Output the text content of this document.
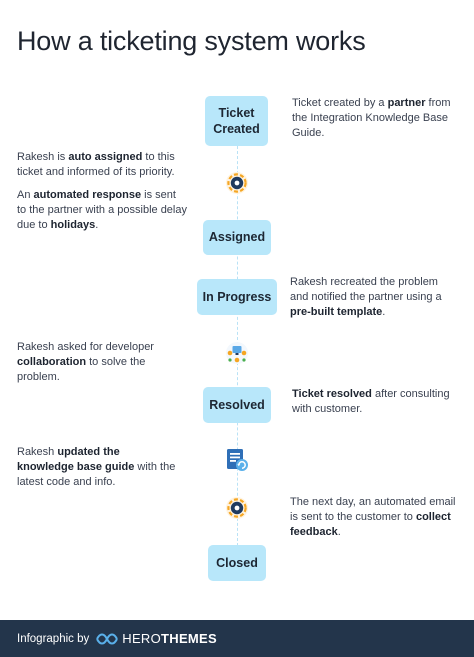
How a ticketing system works
Ticket
Created
Assigned
In Progress
Resolved
Closed
Ticket created by a partner from the Integration Knowledge Base Guide.

Rakesh is auto assigned to this ticket and informed of its priority.

An automated response is sent to the partner with a possible delay due to holidays.

Rakesh recreated the problem and notified the partner using a pre-built template.
Rakesh asked for developer collaboration to solve the problem.
Ticket resolved after consulting with customer.
Rakesh updated the knowledge base guide with the latest code and info.
The next day, an automated email is sent to the customer to collect feedback.
Infographic by	HEROTHEMES
